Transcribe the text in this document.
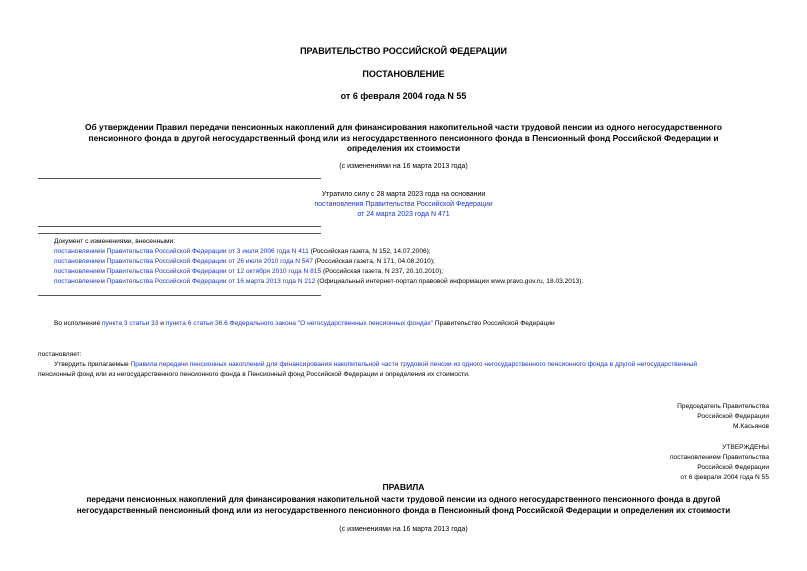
ПРАВИТЕЛЬСТВО РОССИЙСКОЙ ФЕДЕРАЦИИ
ПОСТАНОВЛЕНИЕ
от 6 февраля 2004 года N 55
Об утверждении Правил передачи пенсионных накоплений для финансирования накопительной части трудовой пенсии из одного негосударственного
пенсионного фонда в другой негосударственный фонд или из негосударственного пенсионного фонда в Пенсионный фонд Российской Федерации и
определения их стоимости
(с изменениями на 16 марта 2013 года)
Утратило силу с 28 марта 2023 года на основании
постановления Правительства Российской Федерации
от 24 марта 2023 года N 471
Документ с изменениями, внесенными:
постановлением Правительства Российской Федерации от 3 июля 2006 года N 411 (Российская газета, N 152, 14.07.2006);
постановлением Правительства Российской Федерации от 26 июля 2010 года N 547 (Российская газета, N 171, 04.08.2010);
постановлением Правительства Российской Федерации от 12 октября 2010 года N 815 (Российская газета, N 237, 20.10.2010);
постановлением Правительства Российской Федерации от 16 марта 2013 года N 212 (Официальный интернет-портал правовой информации www.pravo.gov.ru, 18.03.2013).
Во исполнение пункта 3 статьи 33 и пункта 6 статьи 36.6 Федерального закона "О негосударственных пенсионных фондах" Правительство Российской Федерации
постановляет:
Утвердить прилагаемые Правила передачи пенсионных накоплений для финансирования накопительной части трудовой пенсии из одного негосударственного пенсионного фонда в другой негосударственный
пенсионный фонд или из негосударственного пенсионного фонда в Пенсионный фонд Российской Федерации и определения их стоимости.
Председатель Правительства
Российской Федерации
М.Касьянов
УТВЕРЖДЕНЫ
постановлением Правительства
Российской Федерации
от 6 февраля 2004 года N 55
ПРАВИЛА
передачи пенсионных накоплений для финансирования накопительной части трудовой пенсии из одного негосударственного пенсионного фонда в другой
негосударственный пенсионный фонд или из негосударственного пенсионного фонда в Пенсионный фонд Российской Федерации и определения их стоимости
(с изменениями на 16 марта 2013 года)
